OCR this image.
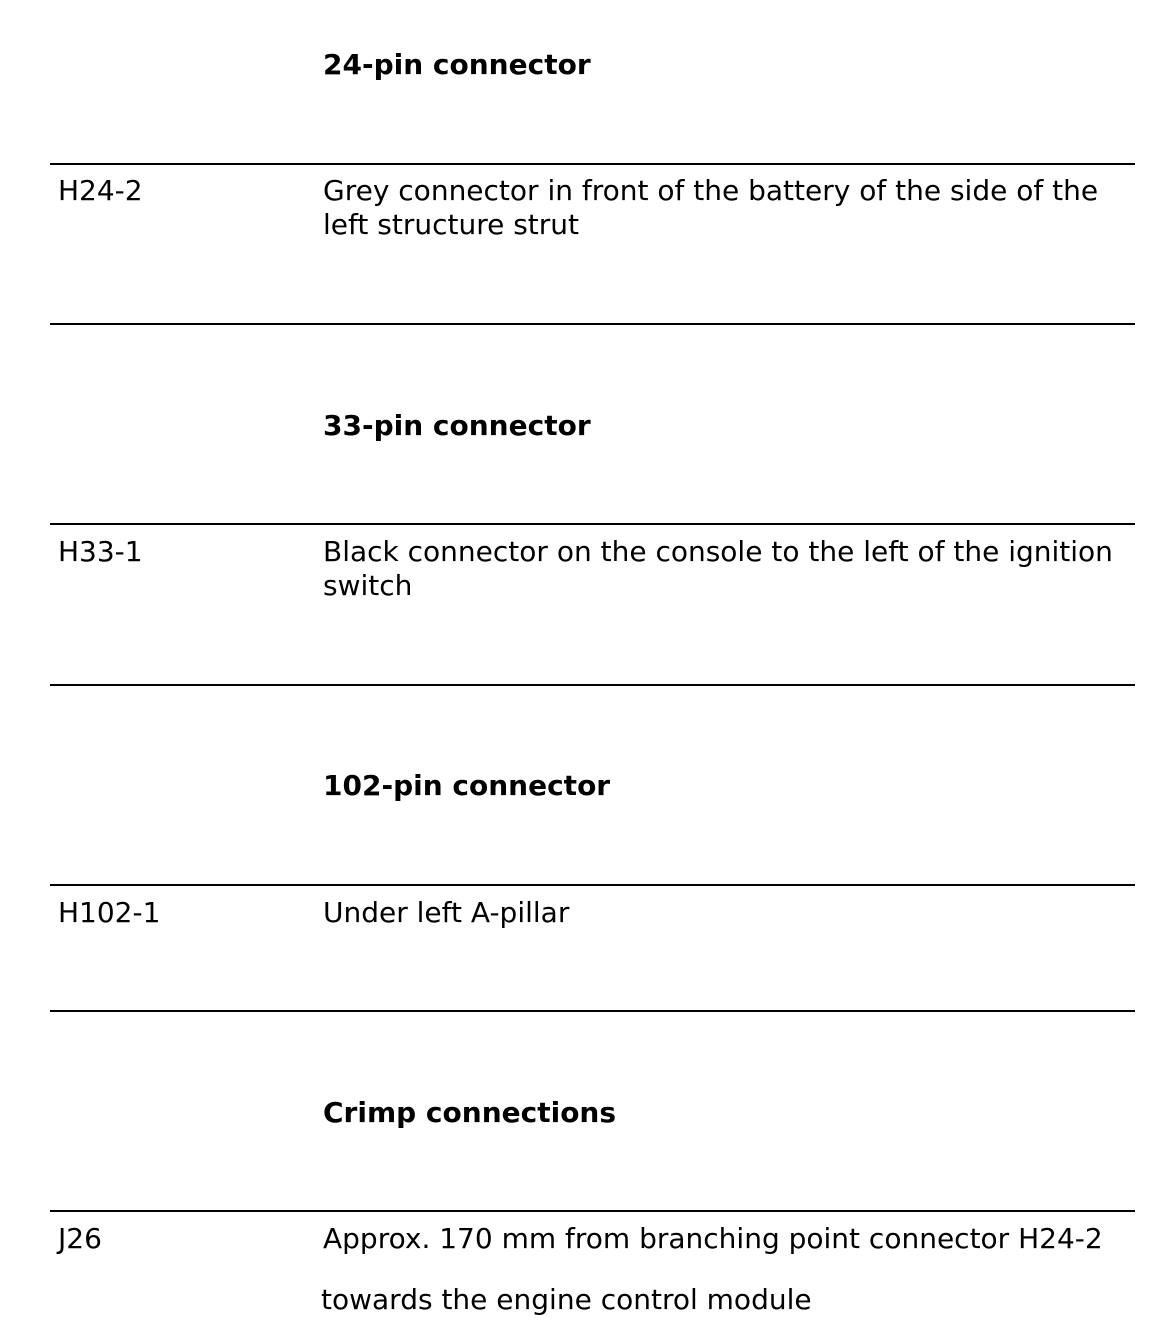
24-pin connector
H24-2	Grey connector in front of the battery of the side of the left structure strut

33-pin connector
H33-1	Black connector on the console to the left of the ignition switch

102-pin connector
H102-1	Under left A-pillar

Crimp connections
J26	Approx. 170 mm from branching point connector H24-2

towards the engine control module
